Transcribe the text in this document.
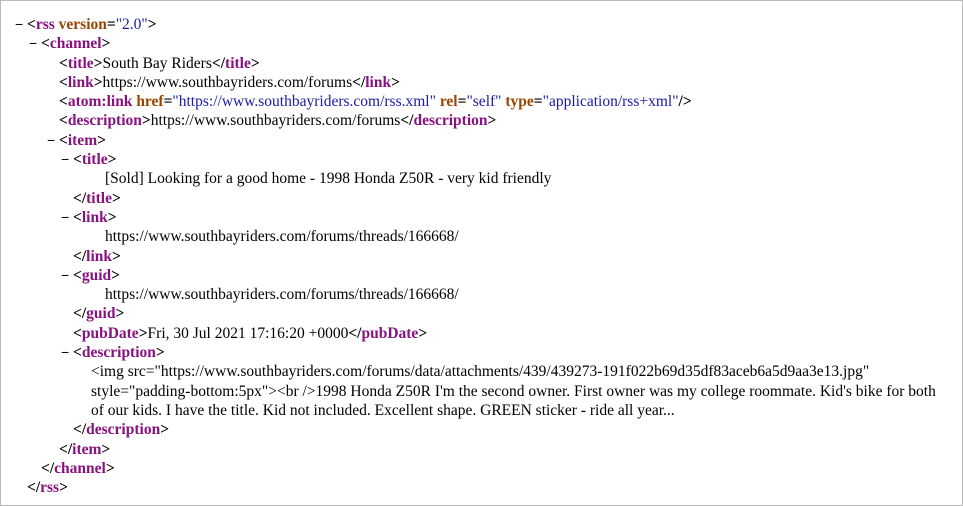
− <rss version="2.0">
− <channel>
<title>South Bay Riders</title>
<link>https://www.southbayriders.com/forums</link>
<atom:link href="https://www.southbayriders.com/rss.xml" rel="self" type="application/rss+xml"/>
<description>https://www.southbayriders.com/forums</description>
− <item>
− <title>
[Sold] Looking for a good home - 1998 Honda Z50R - very kid friendly
</title>
− <link>
https://www.southbayriders.com/forums/threads/166668/
</link>
− <guid>
https://www.southbayriders.com/forums/threads/166668/
</guid>
<pubDate>Fri, 30 Jul 2021 17:16:20 +0000</pubDate>
− <description>
<img src="https://www.southbayriders.com/forums/data/attachments/439/439273-191f022b69d35df83aceb6a5d9aa3e13.jpg" style="padding-bottom:5px"><br />1998 Honda Z50R I'm the second owner. First owner was my college roommate. Kid's bike for both of our kids. I have the title. Kid not included. Excellent shape. GREEN sticker - ride all year...
</description>
</item>
</channel>
</rss>
